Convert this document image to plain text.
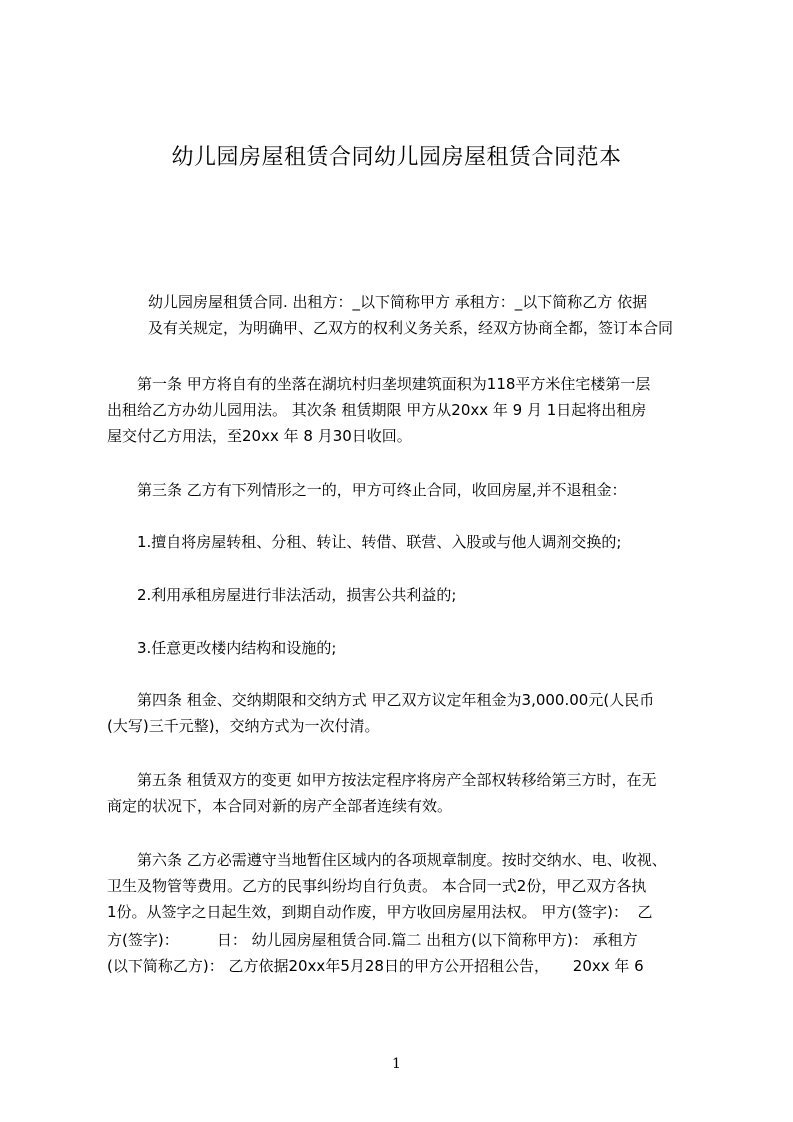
幼儿园房屋租赁合同幼儿园房屋租赁合同范本
幼儿园房屋租赁合同. 出租方：_以下简称甲方 承租方：_以下简称乙方 依据
及有关规定，为明确甲、乙双方的权利义务关系，经双方协商全都，签订本合同
第一条 甲方将自有的坐落在湖坑村归垄坝建筑面积为118平方米住宅楼第一层
出租给乙方办幼儿园用法。 其次条 租赁期限 甲方从20xx 年 9 月 1日起将出租房
屋交付乙方用法，至20xx 年 8 月30日收回。
第三条 乙方有下列情形之一的，甲方可终止合同，收回房屋,并不退租金：
1.擅自将房屋转租、分租、转让、转借、联营、入股或与他人调剂交换的;
2.利用承租房屋进行非法活动，损害公共利益的;
3.任意更改楼内结构和设施的;
第四条 租金、交纳期限和交纳方式 甲乙双方议定年租金为3,000.00元(人民币
(大写)三千元整)，交纳方式为一次付清。
第五条 租赁双方的变更 如甲方按法定程序将房产全部权转移给第三方时，在无
商定的状况下，本合同对新的房产全部者连续有效。
第六条 乙方必需遵守当地暂住区域内的各项规章制度。按时交纳水、电、收视、
卫生及物管等费用。乙方的民事纠纷均自行负责。 本合同一式2份，甲乙双方各执
1份。从签字之日起生效，到期自动作废，甲方收回房屋用法权。 甲方(签字)：  乙
方(签字)：        日： 幼儿园房屋租赁合同.篇二 出租方(以下简称甲方)： 承租方
(以下简称乙方)： 乙方依据20xx年5月28日的甲方公开招租公告，     20xx 年 6
1
